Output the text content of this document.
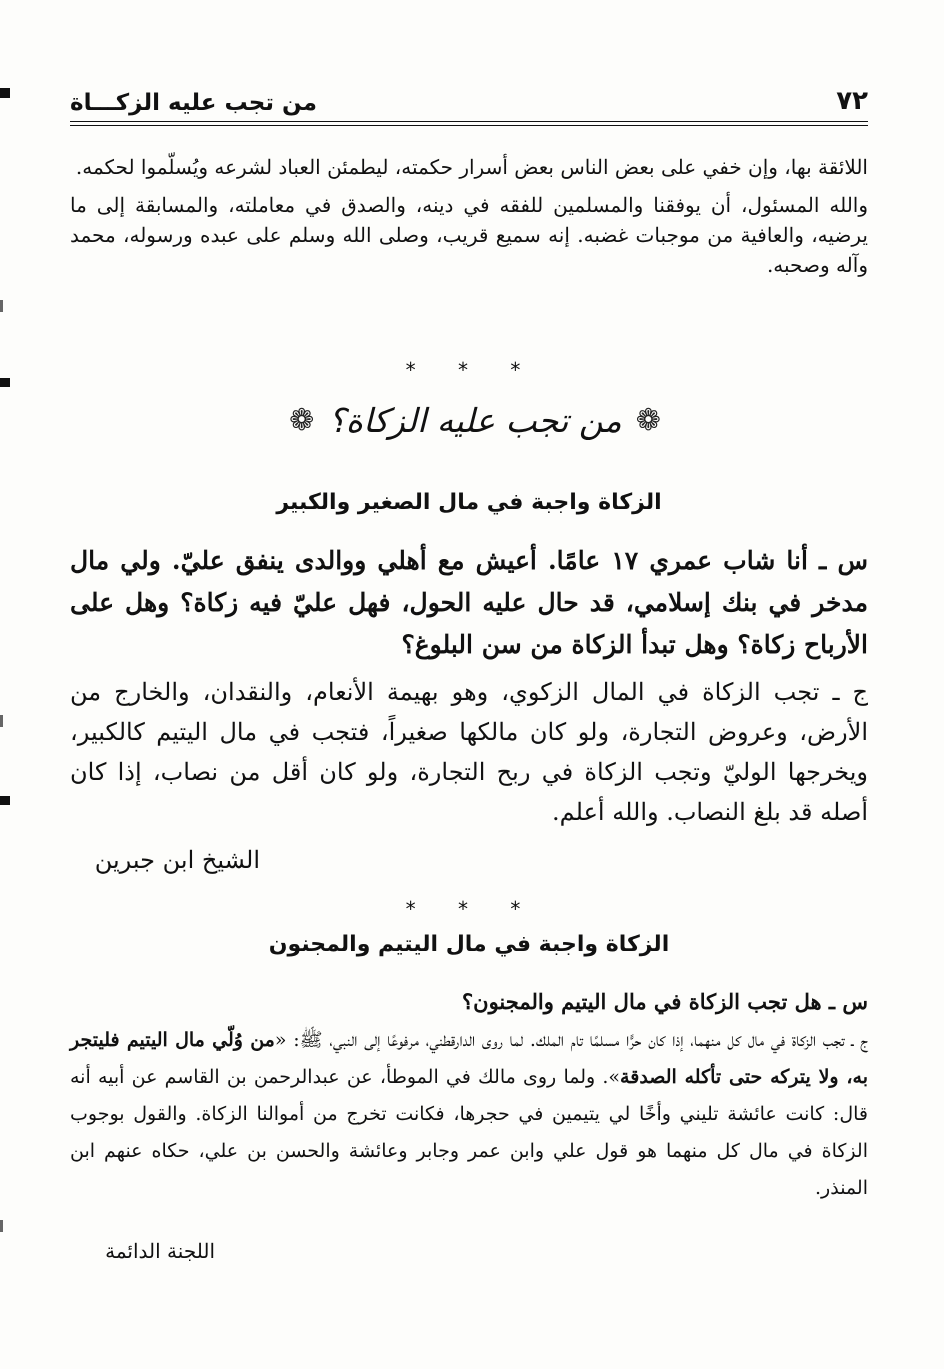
٧٢
من تجب عليه الزكـــاة

اللائقة بها، وإن خفي على بعض الناس بعض أسرار حكمته، ليطمئن العباد لشرعه ويُسلّموا لحكمه.

والله المسئول، أن يوفقنا والمسلمين للفقه في دينه، والصدق في معاملته، والمسابقة إلى ما يرضيه، والعافية من موجبات غضبه. إنه سميع قريب، وصلى الله وسلم على عبده ورسوله، محمد وآله وصحبه.

* * *
❁
من تجب عليه الزكاة؟
❁
الزكاة واجبة في مال الصغير والكبير
س ـ أنا شاب عمري ١٧ عامًا. أعيش مع أهلي ووالدى ينفق عليّ. ولي مال مدخر في بنك إسلامي، قد حال عليه الحول، فهل عليّ فيه زكاة؟ وهل على الأرباح زكاة؟ وهل تبدأ الزكاة من سن البلوغ؟
ج ـ تجب الزكاة في المال الزكوي، وهو بهيمة الأنعام، والنقدان، والخارج من الأرض، وعروض التجارة، ولو كان مالكها صغيراً، فتجب في مال اليتيم كالكبير، ويخرجها الوليّ وتجب الزكاة في ربح التجارة، ولو كان أقل من نصاب، إذا كان أصله قد بلغ النصاب. والله أعلم.
الشيخ ابن جبرين
* * *
الزكاة واجبة في مال اليتيم والمجنون
س ـ هل تجب الزكاة في مال اليتيم والمجنون؟
ج ـ تجب الزكاة في مال كل منهما، إذا كان حرًّا مسلمًا تام الملك. لما روى الدارقطني، مرفوعًا إلى النبي، ﷺ: «من وُلّي مال اليتيم فليتجر به، ولا يتركه حتى تأكله الصدقة». ولما روى مالك في الموطأ، عن عبدالرحمن بن القاسم عن أبيه أنه قال: كانت عائشة تليني وأخًا لي يتيمين في حجرها، فكانت تخرج من أموالنا الزكاة. والقول بوجوب الزكاة في مال كل منهما هو قول علي وابن عمر وجابر وعائشة والحسن بن علي، حكاه عنهم ابن المنذر.
اللجنة الدائمة
